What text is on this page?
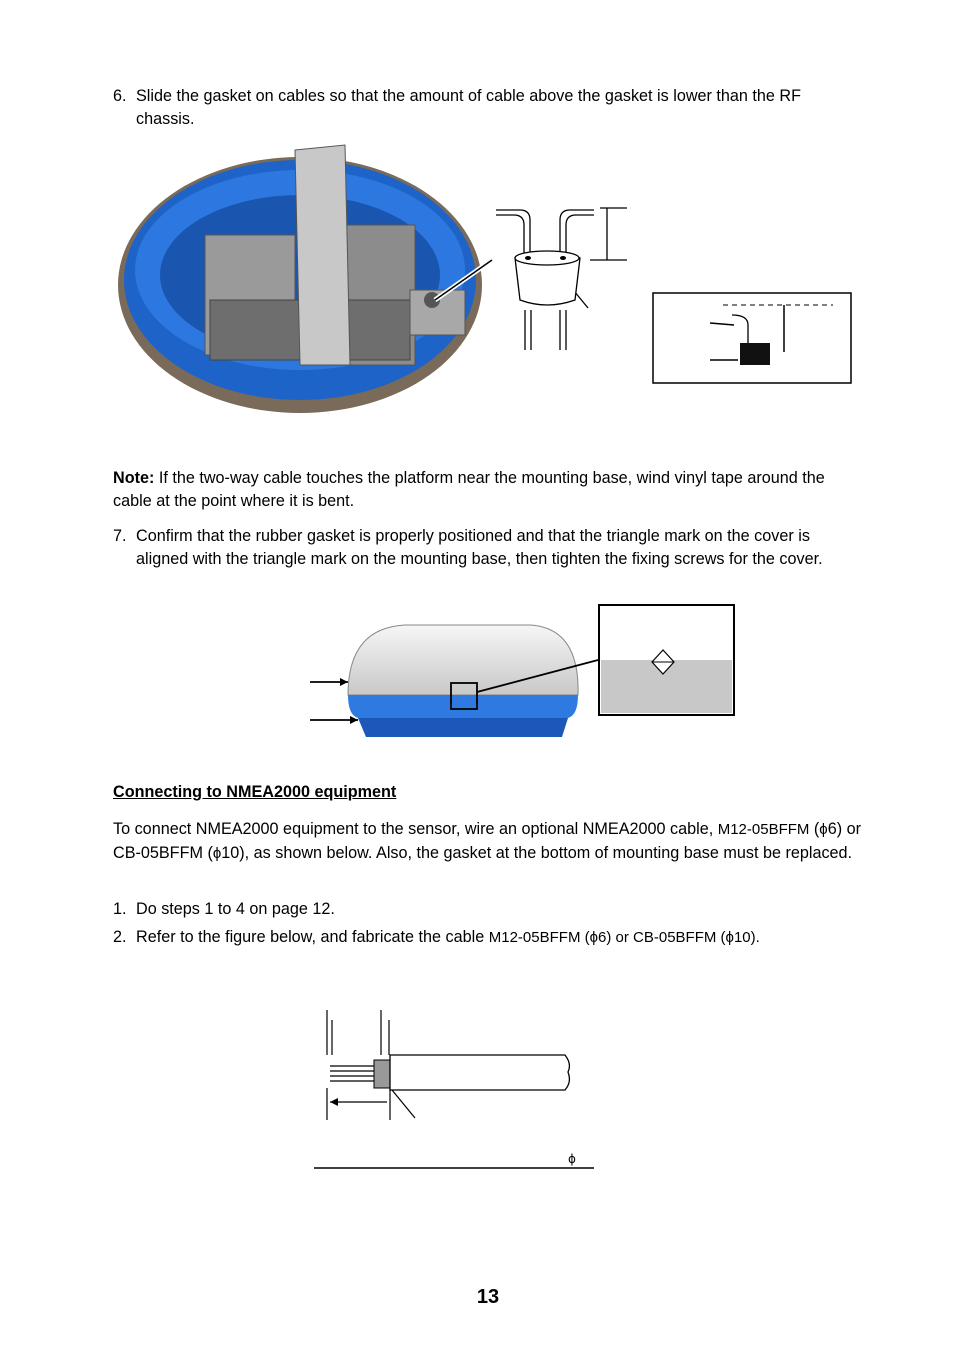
6. Slide the gasket on cables so that the amount of cable above the gasket is lower than the RF chassis.
Note: If the two-way cable touches the platform near the mounting base, wind vinyl tape around the cable at the point where it is bent.
7. Confirm that the rubber gasket is properly positioned and that the triangle mark on the cover is aligned with the triangle mark on the mounting base, then tighten the fixing screws for the cover.
Connecting to NMEA2000 equipment
To connect NMEA2000 equipment to the sensor, wire an optional NMEA2000 cable, M12-05BFFM (ϕ6) or CB-05BFFM (ϕ10), as shown below. Also, the gasket at the bottom of mounting base must be replaced.
1. Do steps 1 to 4 on page 12.
2. Refer to the figure below, and fabricate the cable M12-05BFFM (ϕ6) or CB-05BFFM (ϕ10).
ϕ
13
